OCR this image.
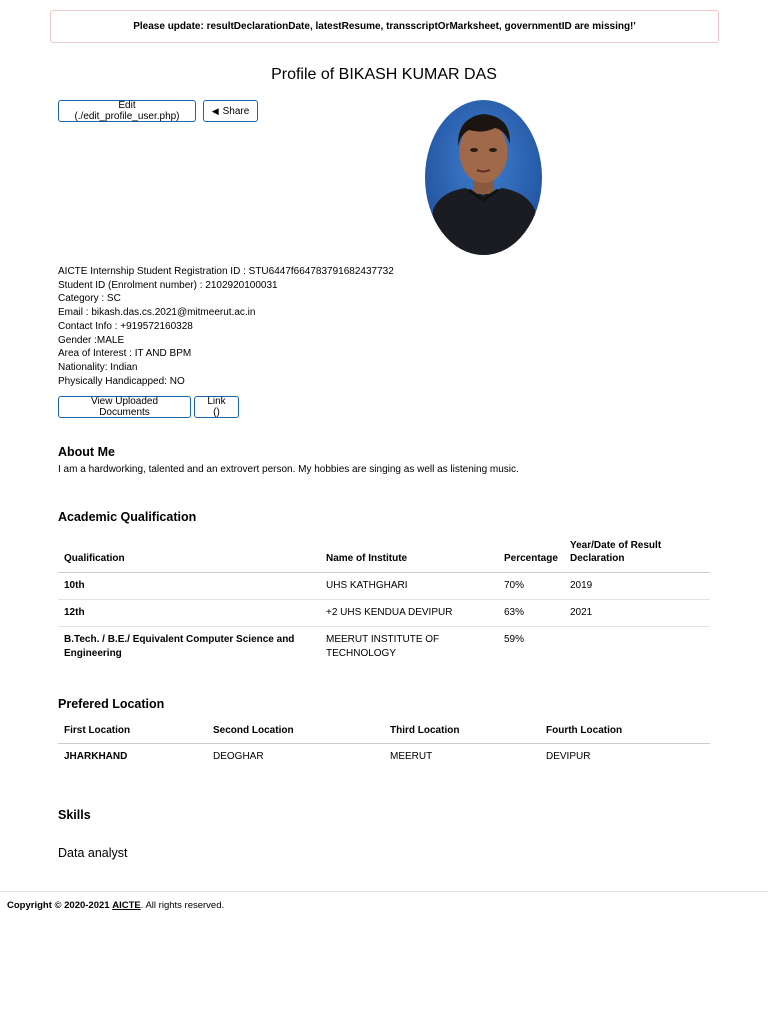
Please update: resultDeclarationDate, latestResume, transscriptOrMarksheet, governmentID are missing!'
Profile of BIKASH KUMAR DAS
Edit (./edit_profile_user.php)
◀ Share
AICTE Internship Student Registration ID : STU6447f664783791682437732
Student ID (Enrolment number) : 2102920100031
Category : SC
Email : bikash.das.cs.2021@mitmeerut.ac.in
Contact Info : +919572160328
Gender :MALE
Area of Interest : IT AND BPM
Nationality: Indian
Physically Handicapped: NO
View Uploaded Documents
Link ()
About Me
I am a hardworking, talented and an extrovert person. My hobbies are singing as well as listening music.
Academic Qualification
Qualification	Name of Institute	Percentage	Year/Date of Result Declaration
10th	UHS KATHGHARI	70%	2019
12th	+2 UHS KENDUA DEVIPUR	63%	2021
B.Tech. / B.E./ Equivalent Computer Science and Engineering	MEERUT INSTITUTE OF TECHNOLOGY	59%	
Prefered Location
First Location	Second Location	Third Location	Fourth Location
JHARKHAND	DEOGHAR	MEERUT	DEVIPUR
Skills
Data analyst
Copyright © 2020-2021 AICTE. All rights reserved.
